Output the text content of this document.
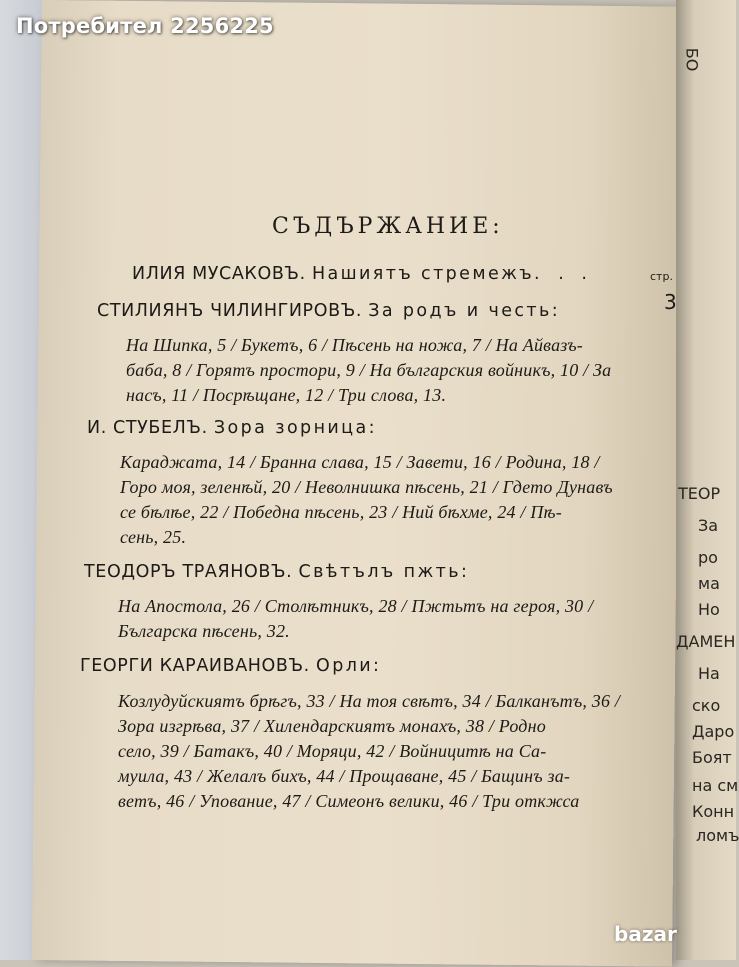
БО
ТЕОР
За
ро
ма
Но
ДАМЕН
На
ско
Даро
Боят
на см
Конн
ломъ
СЪДЪРЖАНИЕ:
стр.
ИЛИЯ МУСАКОВЪ. Нашиятъ стремежъ. . .
3
СТИЛИЯНЪ ЧИЛИНГИРОВЪ. За родъ и честь:
На Шипка, 5 / Букетъ, 6 / Пѣсень на ножа, 7 / На Айвазъ-
баба, 8 / Горятъ простори, 9 / На българския войникъ, 10 / За
насъ, 11 / Посрѣщане, 12 / Три слова, 13.
И. СТУБЕЛЪ. Зора зорница:
Караджата, 14 / Бранна слава, 15 / Завети, 16 / Родина, 18 /
Горо моя, зеленѣй, 20 / Неволнишка пѣсень, 21 / Гдето Дунавъ
се бѣлѣе, 22 / Победна пѣсень, 23 / Ний бѣхме, 24 / Пѣ-
сень, 25.
ТЕОДОРЪ ТРАЯНОВЪ. Свѣтълъ пжть:
На Апостола, 26 / Столѣтникъ, 28 / Пжтьтъ на героя, 30 /
Българска пѣсень, 32.
ГЕОРГИ КАРАИВАНОВЪ. Орли:
Козлудуйскиятъ брѣгъ, 33 / На тоя свѣтъ, 34 / Балканътъ, 36 /
Зора изгрѣва, 37 / Хилендарскиятъ монахъ, 38 / Родно
село, 39 / Батакъ, 40 / Моряци, 42 / Войницитѣ на Са-
муила, 43 / Желалъ бихъ, 44 / Прощаване, 45 / Бащинъ за-
ветъ, 46 / Упование, 47 / Симеонъ велики, 46 / Три откжса
Потребител 2256225
bazar
